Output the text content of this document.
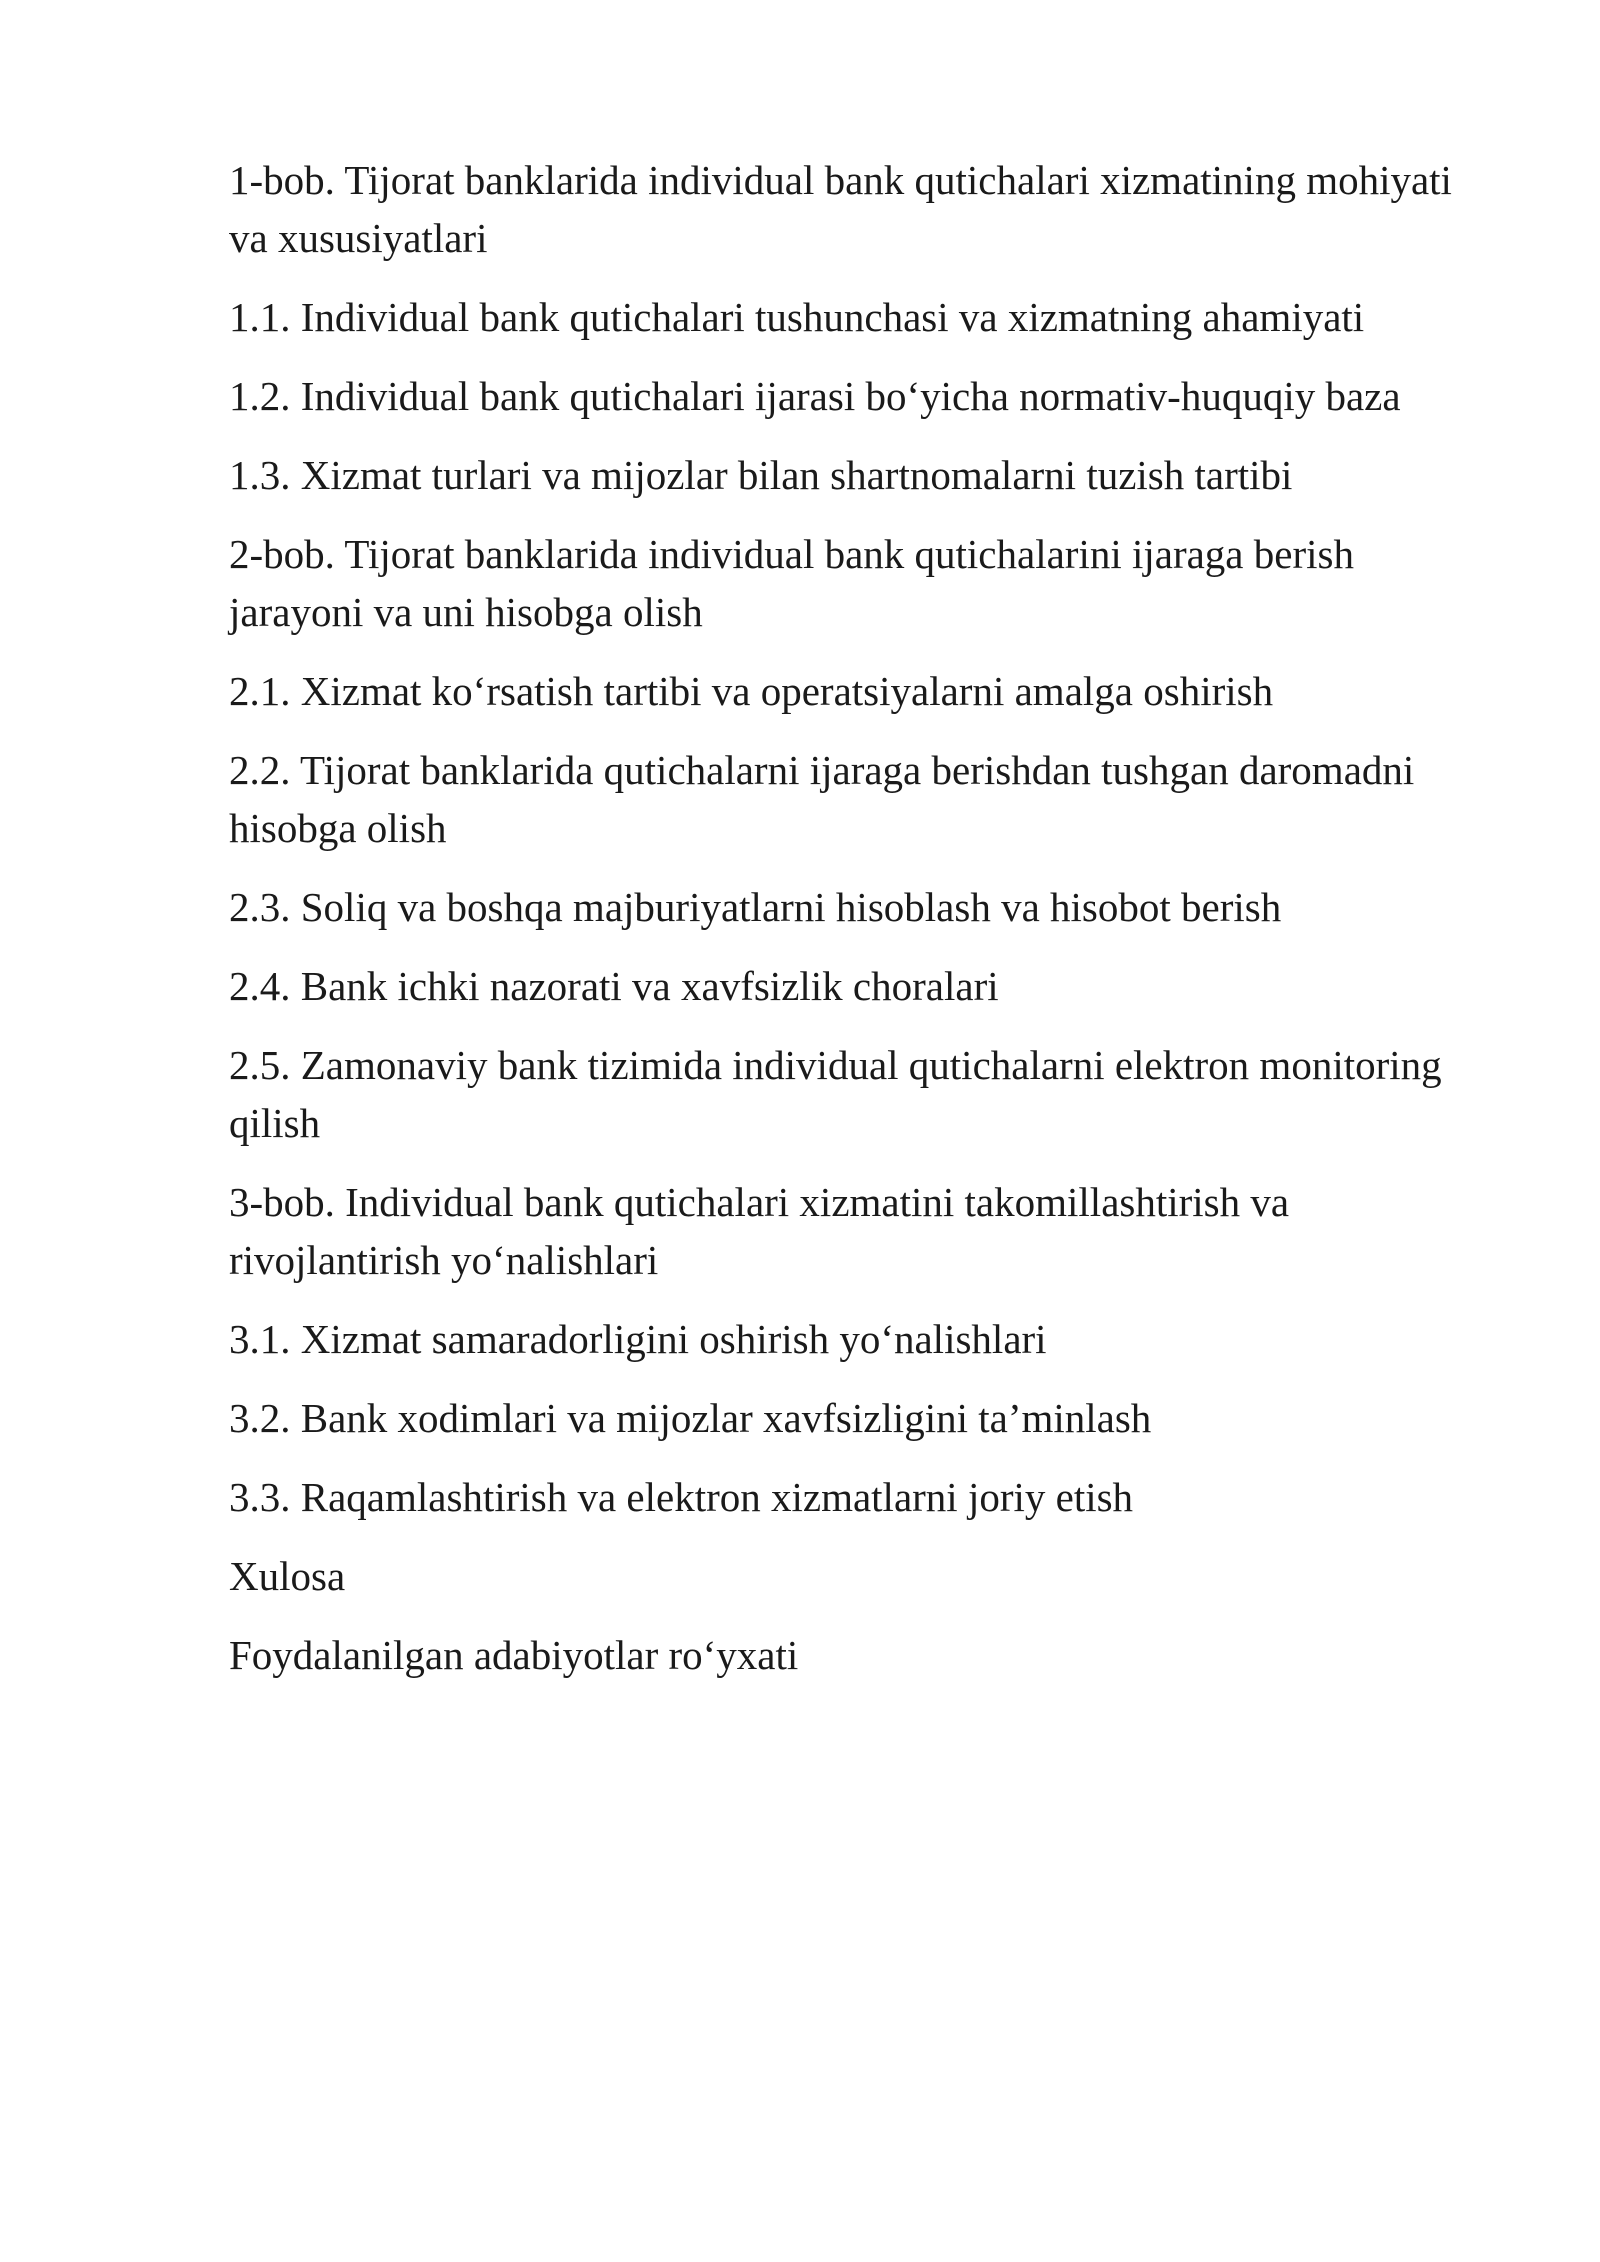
1-bob. Tijorat banklarida individual bank qutichalari xizmatining mohiyati va xususiyatlari
1.1. Individual bank qutichalari tushunchasi va xizmatning ahamiyati
1.2. Individual bank qutichalari ijarasi bo‘yicha normativ-huquqiy baza
1.3. Xizmat turlari va mijozlar bilan shartnomalarni tuzish tartibi
2-bob. Tijorat banklarida individual bank qutichalarini ijaraga berish jarayoni va uni hisobga olish
2.1. Xizmat ko‘rsatish tartibi va operatsiyalarni amalga oshirish
2.2. Tijorat banklarida qutichalarni ijaraga berishdan tushgan daromadni hisobga olish
2.3. Soliq va boshqa majburiyatlarni hisoblash va hisobot berish
2.4. Bank ichki nazorati va xavfsizlik choralari
2.5. Zamonaviy bank tizimida individual qutichalarni elektron monitoring qilish
3-bob. Individual bank qutichalari xizmatini takomillashtirish va rivojlantirish yo‘nalishlari
3.1. Xizmat samaradorligini oshirish yo‘nalishlari
3.2. Bank xodimlari va mijozlar xavfsizligini ta’minlash
3.3. Raqamlashtirish va elektron xizmatlarni joriy etish
Xulosa
Foydalanilgan adabiyotlar ro‘yxati
